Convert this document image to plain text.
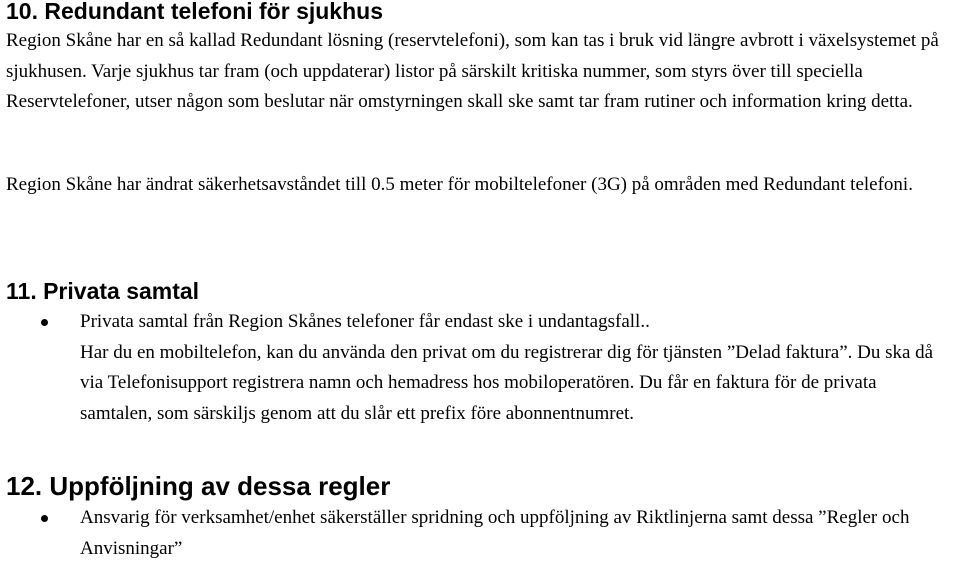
10. Redundant telefoni för sjukhus

Region Skåne har en så kallad Redundant lösning (reservtelefoni), som kan tas i bruk vid längre avbrott i växelsystemet på sjukhusen. Varje sjukhus tar fram (och uppdaterar) listor på särskilt kritiska nummer, som styrs över till speciella Reservtelefoner, utser någon som beslutar när omstyrningen skall ske samt tar fram rutiner och information kring detta.

Region Skåne har ändrat säkerhetsavståndet till 0.5 meter för mobiltelefoner (3G) på områden med Redundant telefoni.

11. Privata samtal
Privata samtal från Region Skånes telefoner får endast ske i undantagsfall..
Har du en mobiltelefon, kan du använda den privat om du registrerar dig för tjänsten ”Delad faktura”. Du ska då via Telefonisupport registrera namn och hemadress hos mobiloperatören. Du får en faktura för de privata samtalen, som särskiljs genom att du slår ett prefix före abonnentnumret.
12. Uppföljning av dessa regler
Ansvarig för verksamhet/enhet säkerställer spridning och uppföljning av Riktlinjerna samt dessa ”Regler och Anvisningar”
